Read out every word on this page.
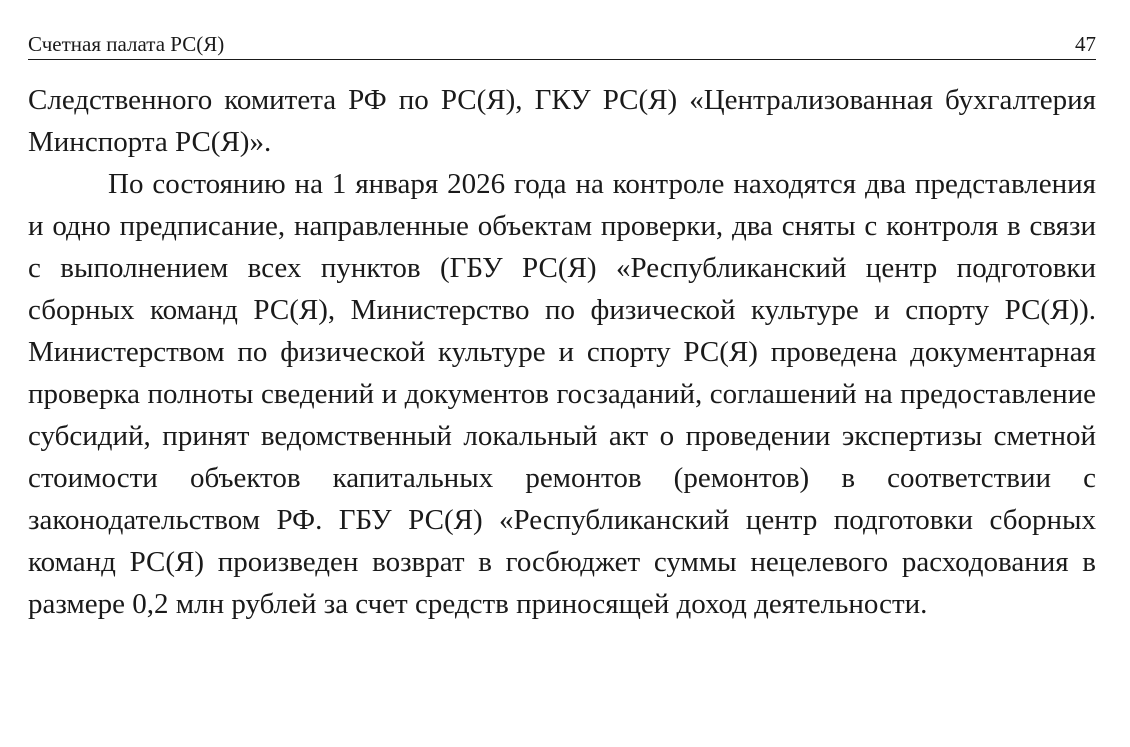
Счетная палата РС(Я)	47

Следственного комитета РФ по РС(Я), ГКУ РС(Я) «Централизованная бухгалтерия Минспорта РС(Я)».

По состоянию на 1 января 2026 года на контроле находятся два представления и одно предписание, направленные объектам проверки, два сняты с контроля в связи с выполнением всех пунктов (ГБУ РС(Я) «Республиканский центр подготовки сборных команд РС(Я), Министерство по физической культуре и спорту РС(Я)). Министерством по физической культуре и спорту РС(Я) проведена документарная проверка полноты сведений и документов госзаданий, соглашений на предоставление субсидий, принят ведомственный локальный акт о проведении экспертизы сметной стоимости объектов капитальных ремонтов (ремонтов) в соответствии с законодательством РФ. ГБУ РС(Я) «Республиканский центр подготовки сборных команд РС(Я) произведен возврат в госбюджет суммы нецелевого расходования в размере 0,2 млн рублей за счет средств приносящей доход деятельности.
